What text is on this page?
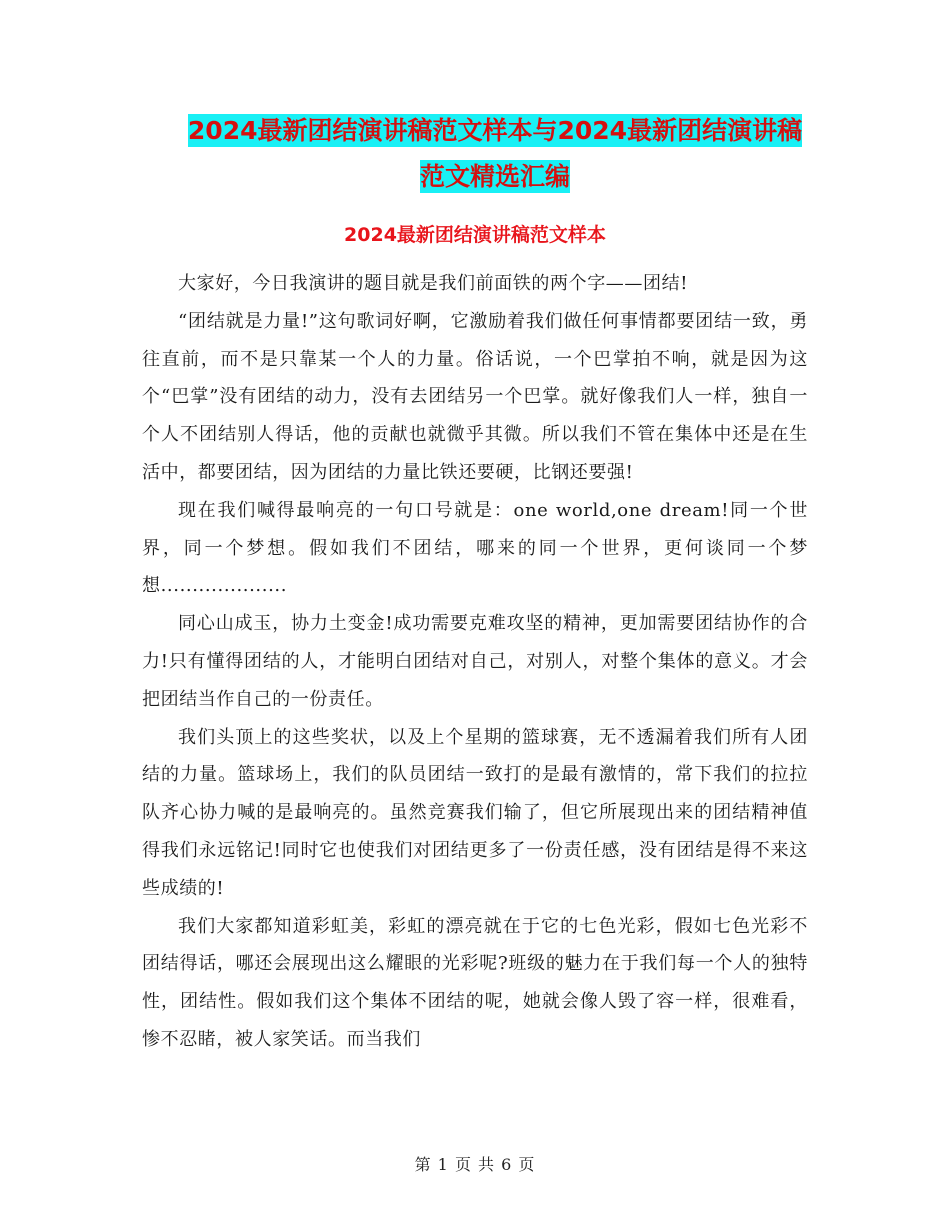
2024最新团结演讲稿范文样本与2024最新团结演讲稿
范文精选汇编
2024最新团结演讲稿范文样本

大家好，今日我演讲的题目就是我们前面铁的两个字——团结!

“团结就是力量!”这句歌词好啊，它激励着我们做任何事情都要团结一致，勇往直前，而不是只靠某一个人的力量。俗话说，一个巴掌拍不响，就是因为这个“巴掌”没有团结的动力，没有去团结另一个巴掌。就好像我们人一样，独自一个人不团结别人得话，他的贡献也就微乎其微。所以我们不管在集体中还是在生活中，都要团结，因为团结的力量比铁还要硬，比钢还要强!

现在我们喊得最响亮的一句口号就是：one world,one dream!同一个世界，同一个梦想。假如我们不团结，哪来的同一个世界，更何谈同一个梦想....................

同心山成玉，协力土变金!成功需要克难攻坚的精神，更加需要团结协作的合力!只有懂得团结的人，才能明白团结对自己，对别人，对整个集体的意义。才会把团结当作自己的一份责任。

我们头顶上的这些奖状，以及上个星期的篮球赛，无不透漏着我们所有人团结的力量。篮球场上，我们的队员团结一致打的是最有激情的，常下我们的拉拉队齐心协力喊的是最响亮的。虽然竞赛我们输了，但它所展现出来的团结精神值得我们永远铭记!同时它也使我们对团结更多了一份责任感，没有团结是得不来这些成绩的!

我们大家都知道彩虹美，彩虹的漂亮就在于它的七色光彩，假如七色光彩不团结得话，哪还会展现出这么耀眼的光彩呢?班级的魅力在于我们每一个人的独特性，团结性。假如我们这个集体不团结的呢，她就会像人毁了容一样，很难看，惨不忍睹，被人家笑话。而当我们

第 1 页 共 6 页
